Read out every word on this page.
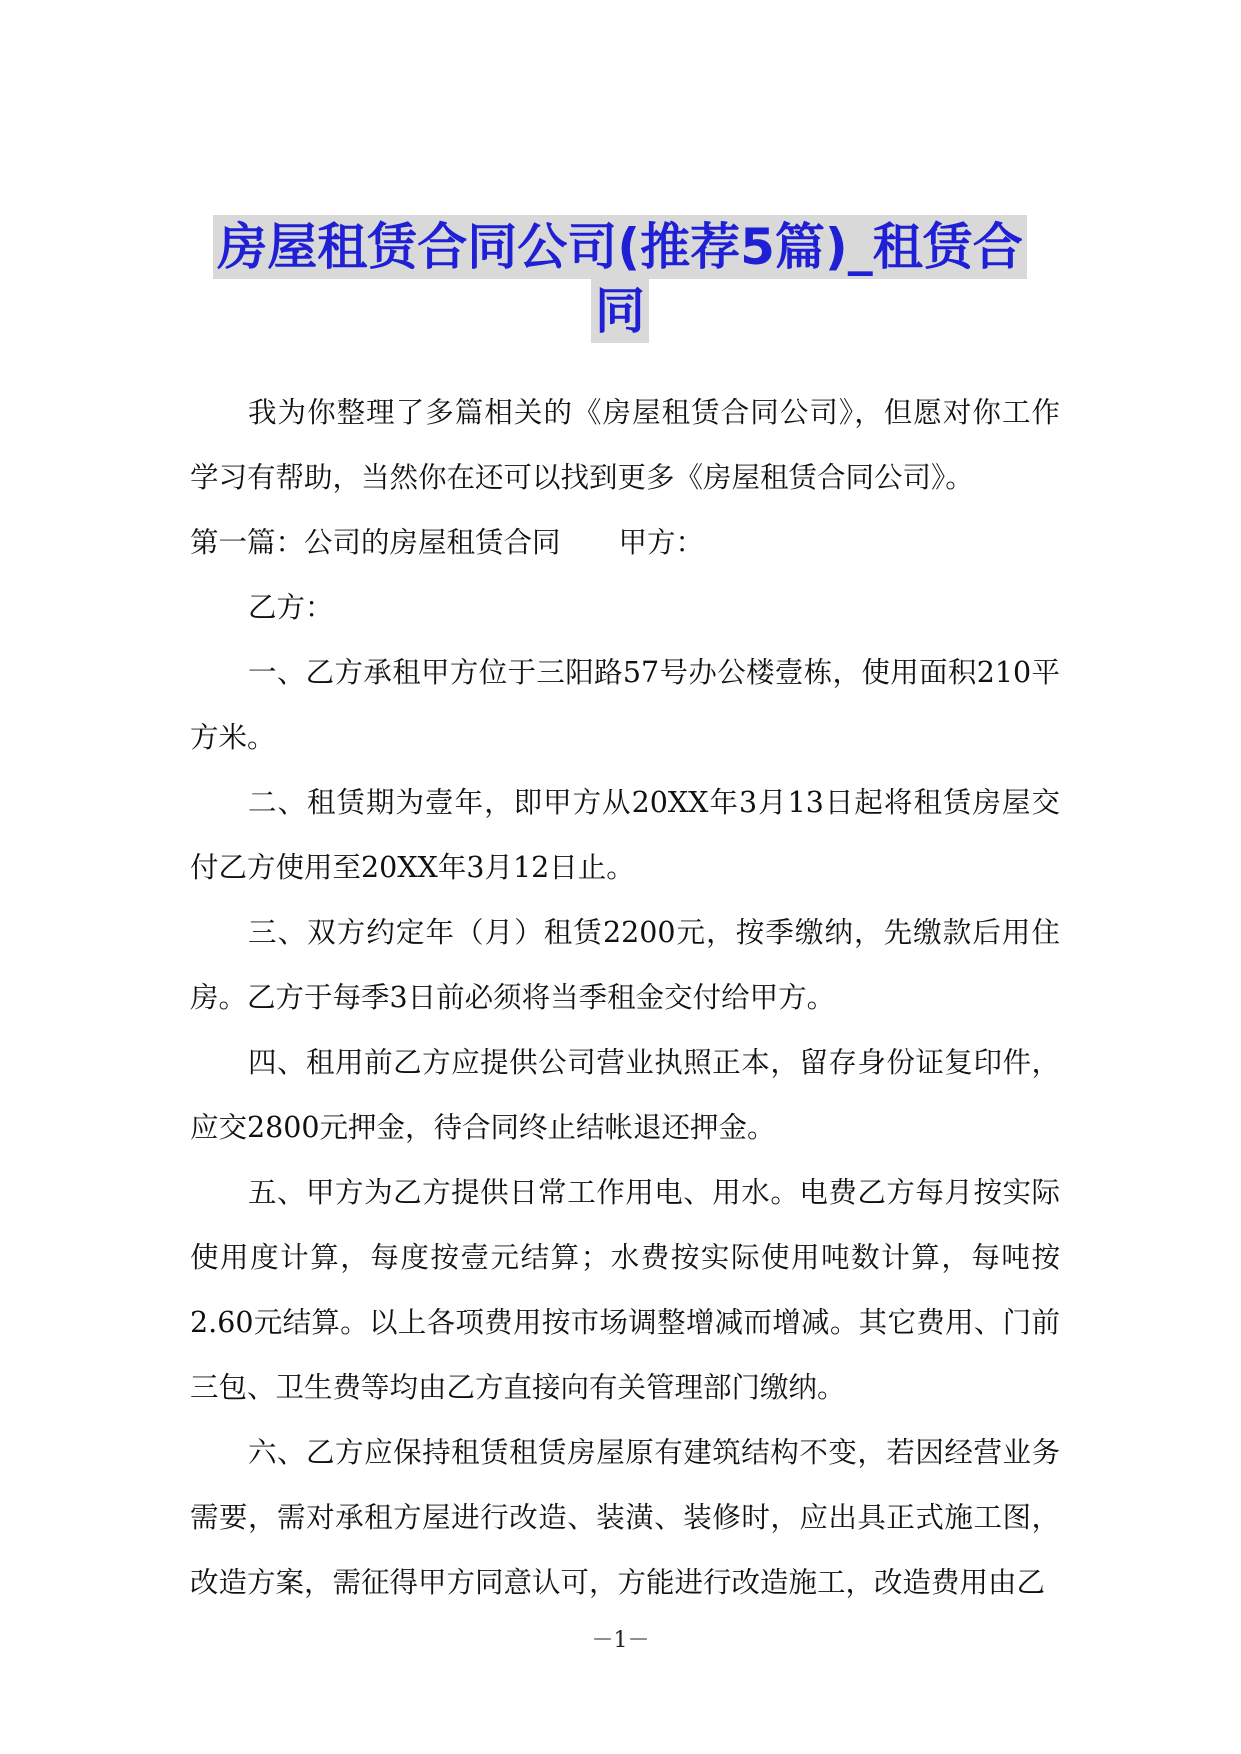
房屋租赁合同公司(推荐5篇)_租赁合
同

我为你整理了多篇相关的《房屋租赁合同公司》，但愿对你工作学习有帮助，当然你在还可以找到更多《房屋租赁合同公司》。

第一篇：公司的房屋租赁合同 甲方：

乙方：

一、乙方承租甲方位于三阳路57号办公楼壹栋，使用面积210平方米。

二、租赁期为壹年，即甲方从20XX年3月13日起将租赁房屋交付乙方使用至20XX年3月12日止。

三、双方约定年（月）租赁2200元，按季缴纳，先缴款后用住房。乙方于每季3日前必须将当季租金交付给甲方。

四、租用前乙方应提供公司营业执照正本，留存身份证复印件，应交2800元押金，待合同终止结帐退还押金。

五、甲方为乙方提供日常工作用电、用水。电费乙方每月按实际使用度计算，每度按壹元结算；水费按实际使用吨数计算，每吨按2.60元结算。以上各项费用按市场调整增减而增减。其它费用、门前三包、卫生费等均由乙方直接向有关管理部门缴纳。

六、乙方应保持租赁租赁房屋原有建筑结构不变，若因经营业务需要，需对承租方屋进行改造、装潢、装修时，应出具正式施工图，改造方案，需征得甲方同意认可，方能进行改造施工，改造费用由乙

－1－
